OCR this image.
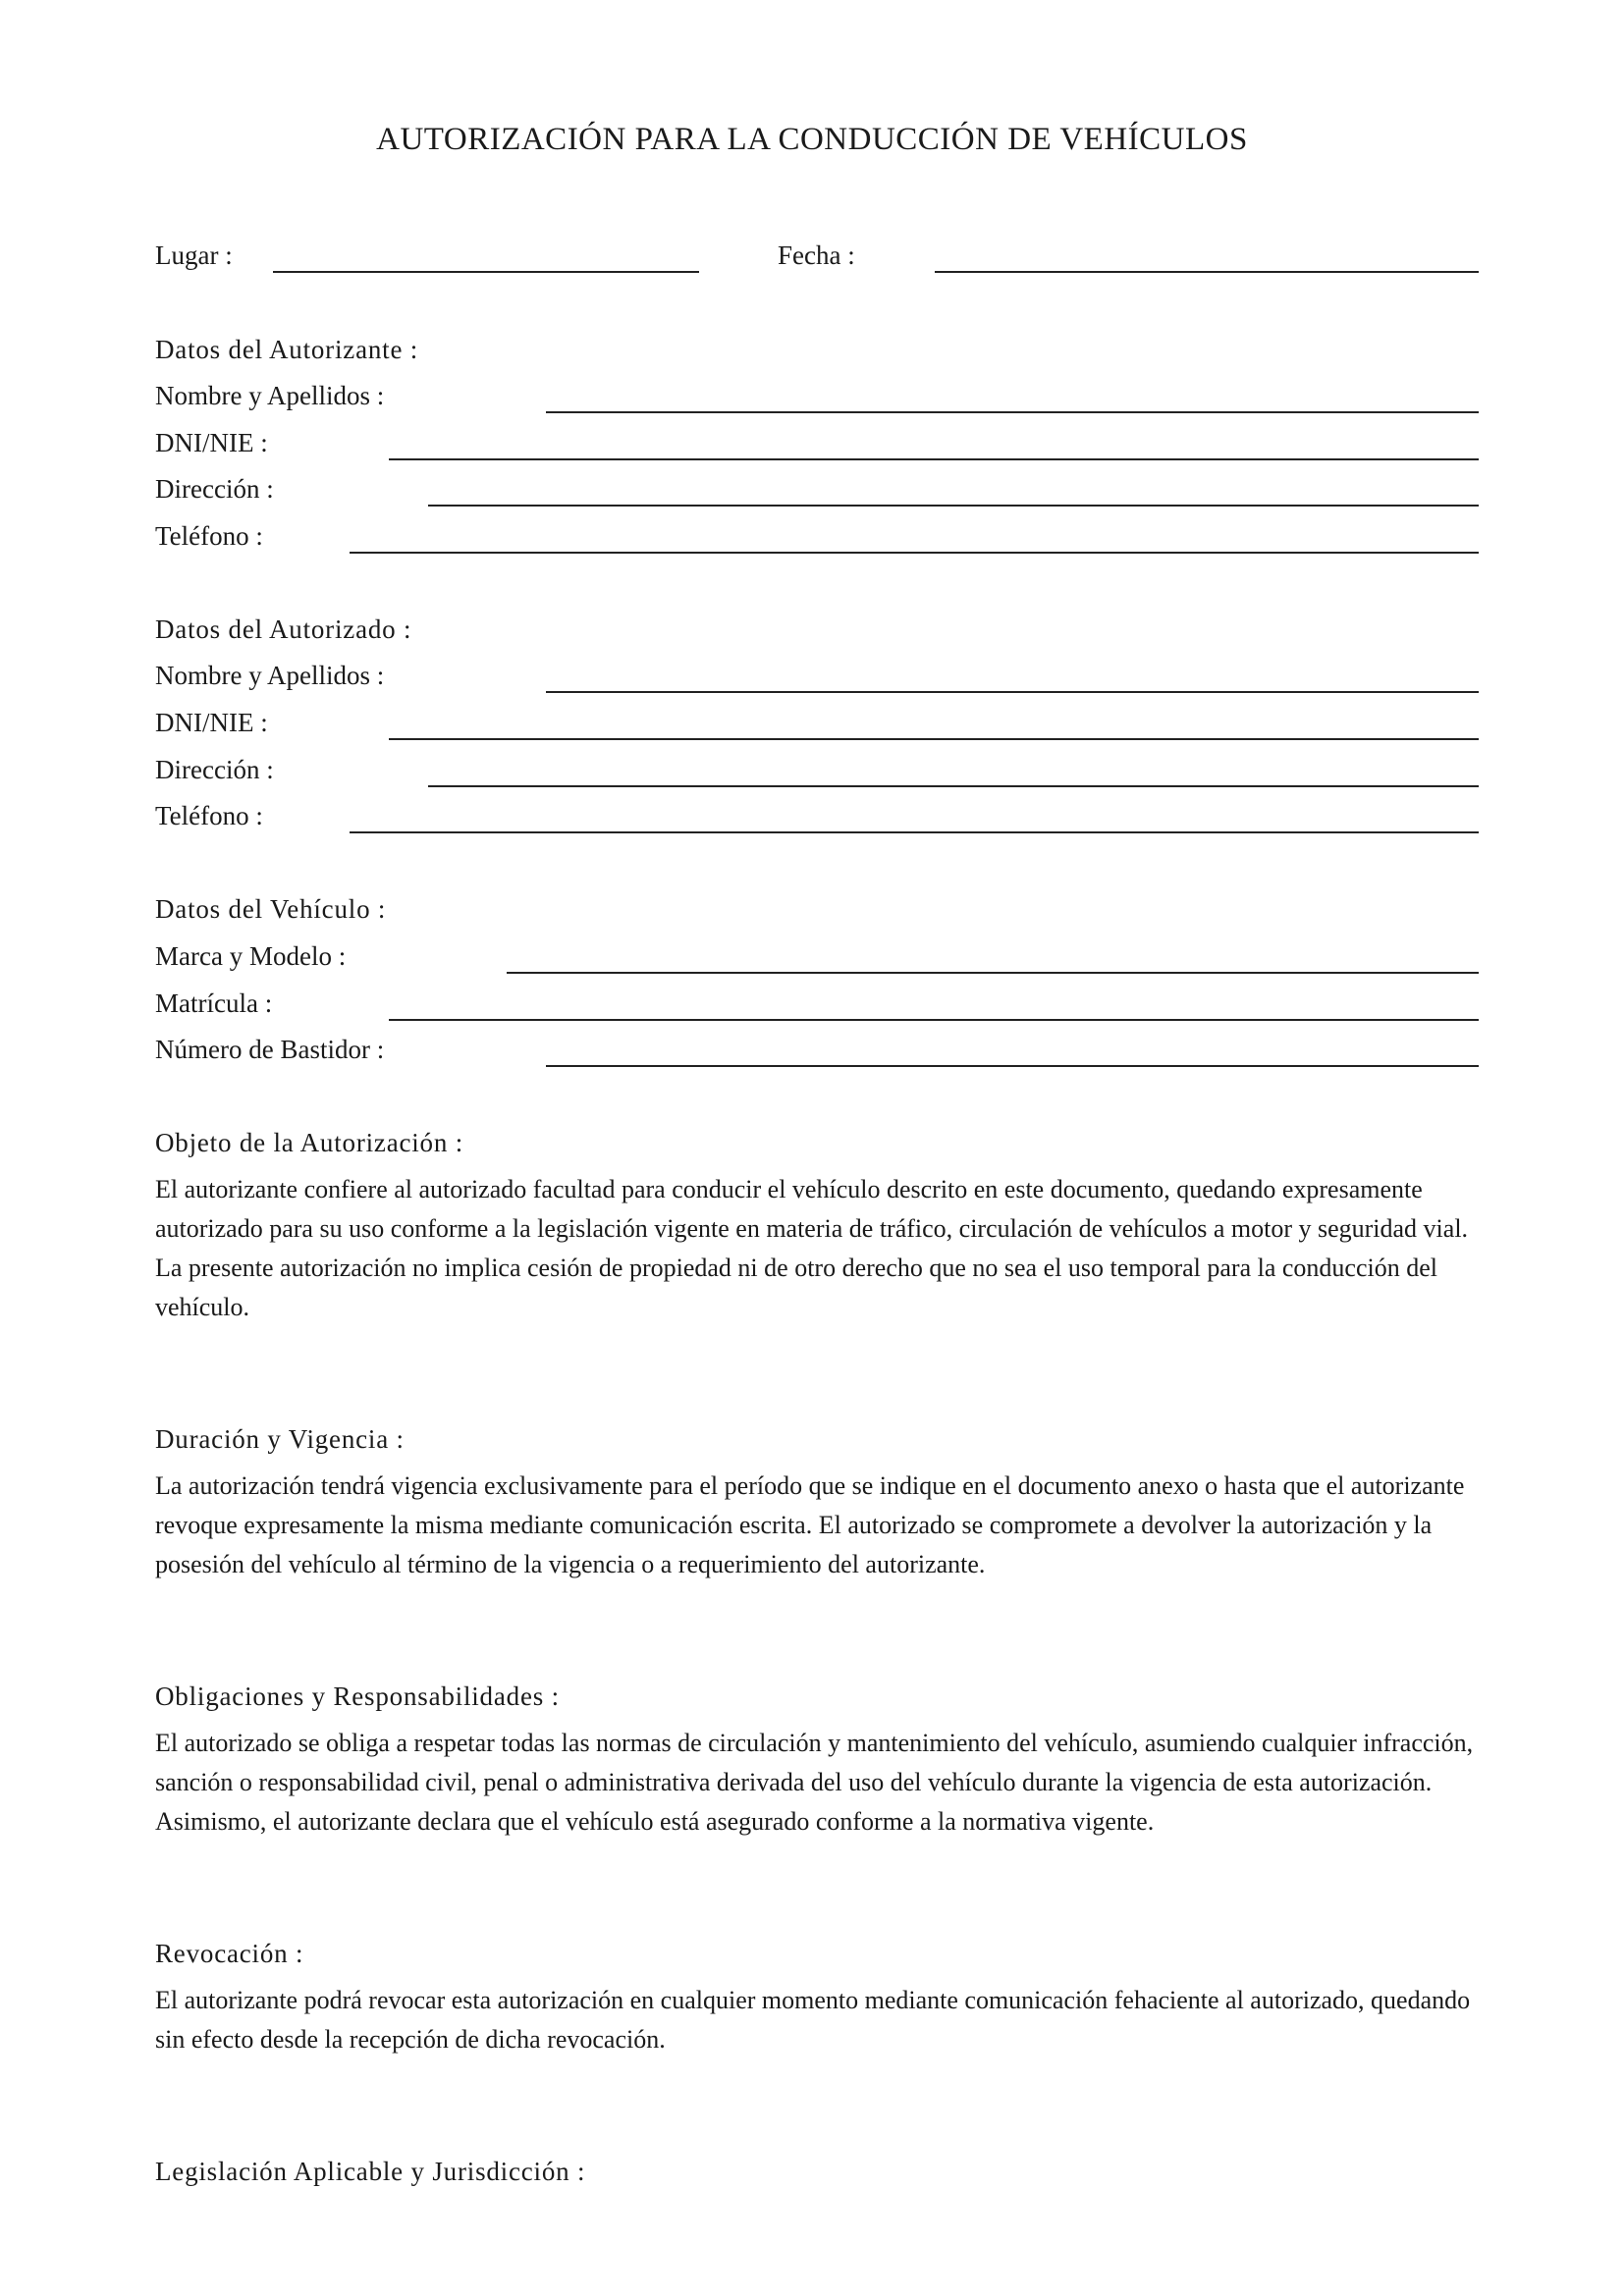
AUTORIZACIÓN PARA LA CONDUCCIÓN DE VEHÍCULOS
Lugar :	Fecha :
Datos del Autorizante :
Nombre y Apellidos :
DNI/NIE :
Dirección :
Teléfono :
Datos del Autorizado :
Nombre y Apellidos :
DNI/NIE :
Dirección :
Teléfono :
Datos del Vehículo :
Marca y Modelo :
Matrícula :
Número de Bastidor :
Objeto de la Autorización :

El autorizante confiere al autorizado facultad para conducir el vehículo descrito en este documento, quedando expresamente autorizado para su uso conforme a la legislación vigente en materia de tráfico, circulación de vehículos a motor y seguridad vial. La presente autorización no implica cesión de propiedad ni de otro derecho que no sea el uso temporal para la conducción del vehículo.

Duración y Vigencia :

La autorización tendrá vigencia exclusivamente para el período que se indique en el documento anexo o hasta que el autorizante revoque expresamente la misma mediante comunicación escrita. El autorizado se compromete a devolver la autorización y la posesión del vehículo al término de la vigencia o a requerimiento del autorizante.

Obligaciones y Responsabilidades :

El autorizado se obliga a respetar todas las normas de circulación y mantenimiento del vehículo, asumiendo cualquier infracción, sanción o responsabilidad civil, penal o administrativa derivada del uso del vehículo durante la vigencia de esta autorización. Asimismo, el autorizante declara que el vehículo está asegurado conforme a la normativa vigente.

Revocación :

El autorizante podrá revocar esta autorización en cualquier momento mediante comunicación fehaciente al autorizado, quedando sin efecto desde la recepción de dicha revocación.

Legislación Aplicable y Jurisdicción :
